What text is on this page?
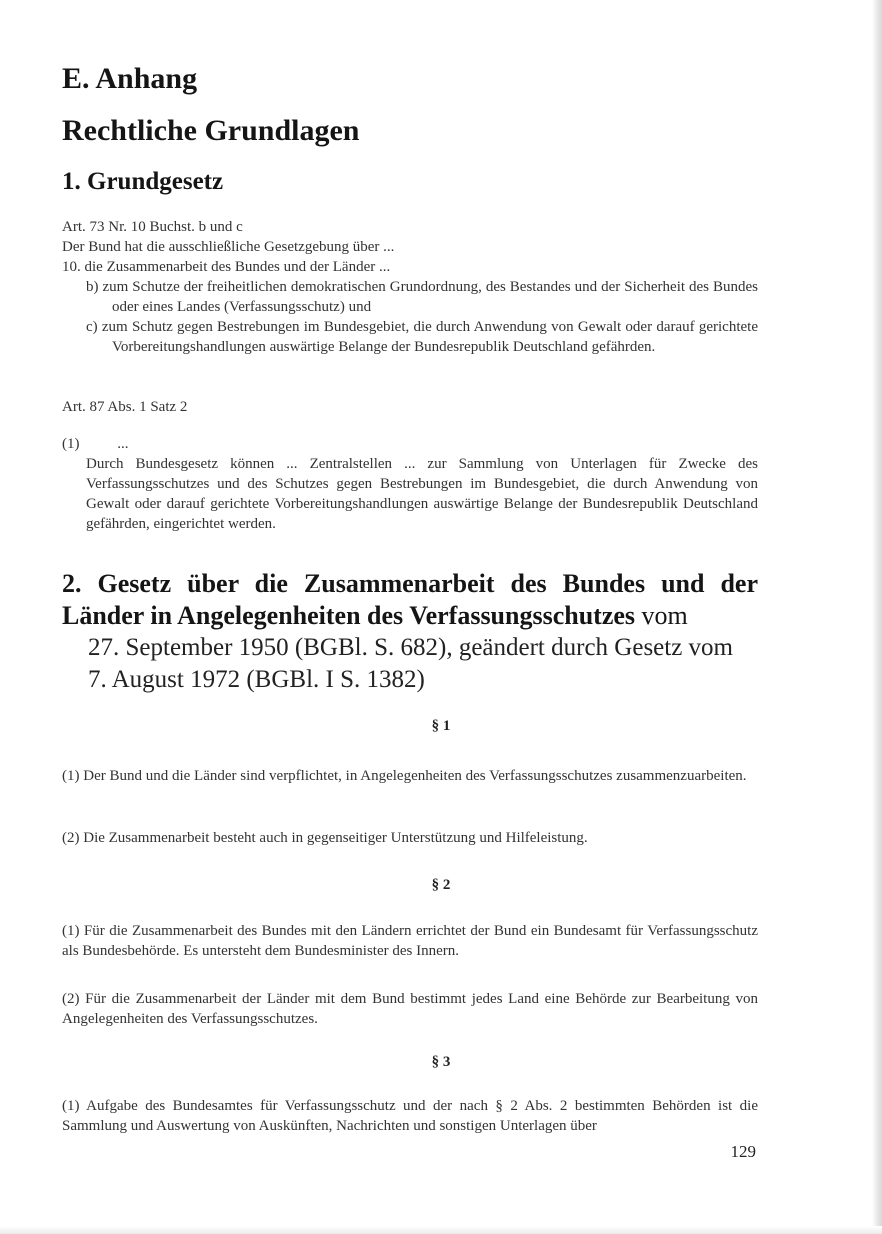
E. Anhang
Rechtliche Grundlagen
1. Grundgesetz

Art. 73 Nr. 10 Buchst. b und c

Der Bund hat die ausschließliche Gesetzgebung über ...

10. die Zusammenarbeit des Bundes und der Länder ...

b) zum Schutze der freiheitlichen demokratischen Grundordnung, des Bestandes und der Sicherheit des Bundes oder eines Landes (Verfassungsschutz) und

c) zum Schutz gegen Bestrebungen im Bundesgebiet, die durch Anwendung von Gewalt oder darauf gerichtete Vorbereitungshandlungen auswärtige Belange der Bundesrepublik Deutschland gefährden.

Art. 87 Abs. 1 Satz 2

(1)	...

Durch Bundesgesetz können ... Zentralstellen ... zur Sammlung von Unterlagen für Zwecke des Verfassungsschutzes und des Schutzes gegen Bestrebungen im Bundesgebiet, die durch Anwendung von Gewalt oder darauf gerichtete Vorbereitungshandlungen auswärtige Belange der Bundesrepublik Deutschland gefährden, eingerichtet werden.

2. Gesetz über die Zusammenarbeit des Bundes und der Länder in Angelegenheiten des Verfassungsschutzes vom
27. September 1950 (BGBl. S. 682), geändert durch Gesetz vom
7. August 1972 (BGBl. I S. 1382)
§ 1

(1) Der Bund und die Länder sind verpflichtet, in Angelegenheiten des Verfassungsschutzes zusammenzuarbeiten.

(2) Die Zusammenarbeit besteht auch in gegenseitiger Unterstützung und Hilfeleistung.

§ 2

(1) Für die Zusammenarbeit des Bundes mit den Ländern errichtet der Bund ein Bundesamt für Verfassungsschutz als Bundesbehörde. Es untersteht dem Bundesminister des Innern.

(2) Für die Zusammenarbeit der Länder mit dem Bund bestimmt jedes Land eine Behörde zur Bearbeitung von Angelegenheiten des Verfassungsschutzes.

§ 3

(1) Aufgabe des Bundesamtes für Verfassungsschutz und der nach § 2 Abs. 2 bestimmten Behörden ist die Sammlung und Auswertung von Auskünften, Nachrichten und sonstigen Unterlagen über

129
